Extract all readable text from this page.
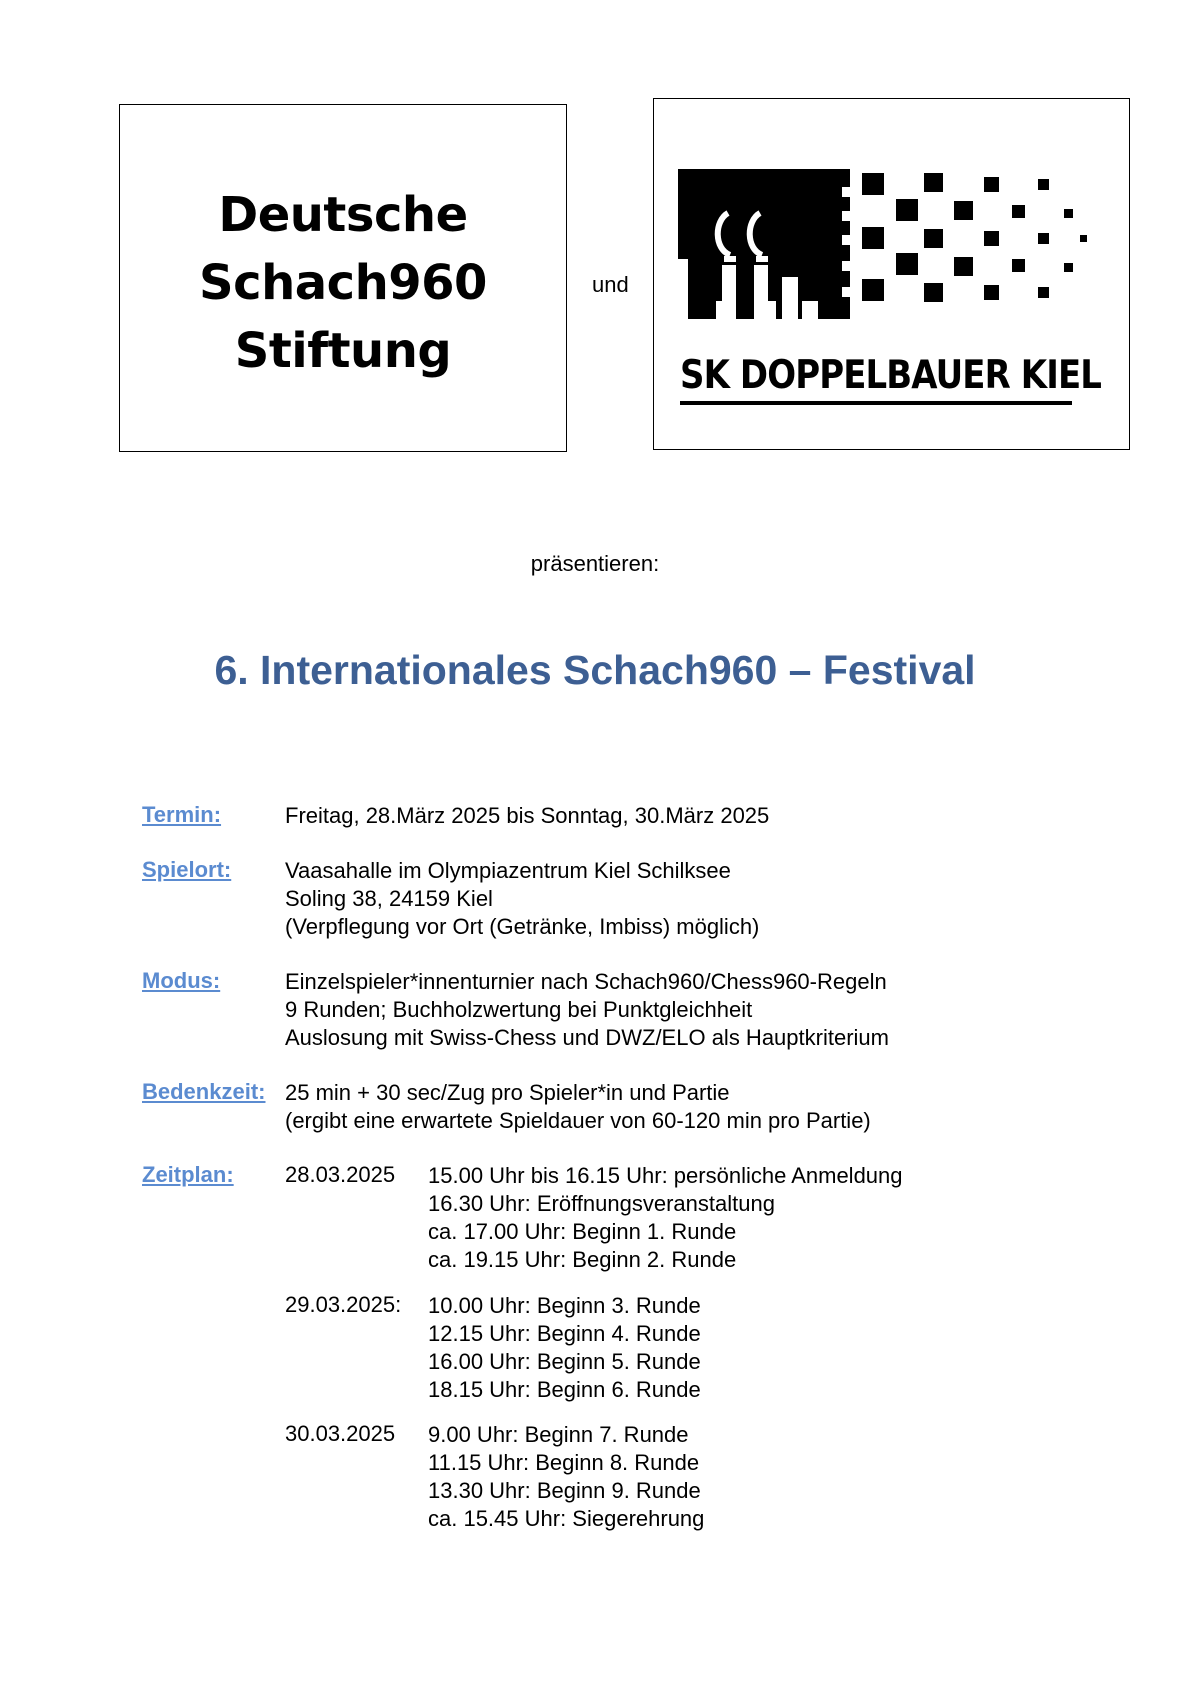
Deutsche
Schach960
Stiftung
und
SK DOPPELBAUER KIEL
präsentieren:
6. Internationales Schach960 – Festival
Termin:	Freitag, 28.März 2025 bis Sonntag, 30.März 2025
Spielort: Vaasahalle im Olympiazentrum Kiel Schilksee
Soling 38, 24159 Kiel
(Verpflegung vor Ort (Getränke, Imbiss) möglich)
Modus:	Einzelspieler*innenturnier nach Schach960/Chess960-Regeln
9 Runden; Buchholzwertung bei Punktgleichheit
Auslosung mit Swiss-Chess und DWZ/ELO als Hauptkriterium
Bedenkzeit: 25 min + 30 sec/Zug pro Spieler*in und Partie
(ergibt eine erwartete Spieldauer von 60-120 min pro Partie)
Zeitplan: 28.03.2025 15.00 Uhr bis 16.15 Uhr: persönliche Anmeldung
16.30 Uhr: Eröffnungsveranstaltung
ca. 17.00 Uhr: Beginn 1. Runde
ca. 19.15 Uhr: Beginn 2. Runde
29.03.2025: 10.00 Uhr: Beginn 3. Runde
12.15 Uhr: Beginn 4. Runde
16.00 Uhr: Beginn 5. Runde
18.15 Uhr: Beginn 6. Runde
30.03.2025 9.00 Uhr: Beginn 7. Runde
11.15 Uhr: Beginn 8. Runde
13.30 Uhr: Beginn 9. Runde
ca. 15.45 Uhr: Siegerehrung
